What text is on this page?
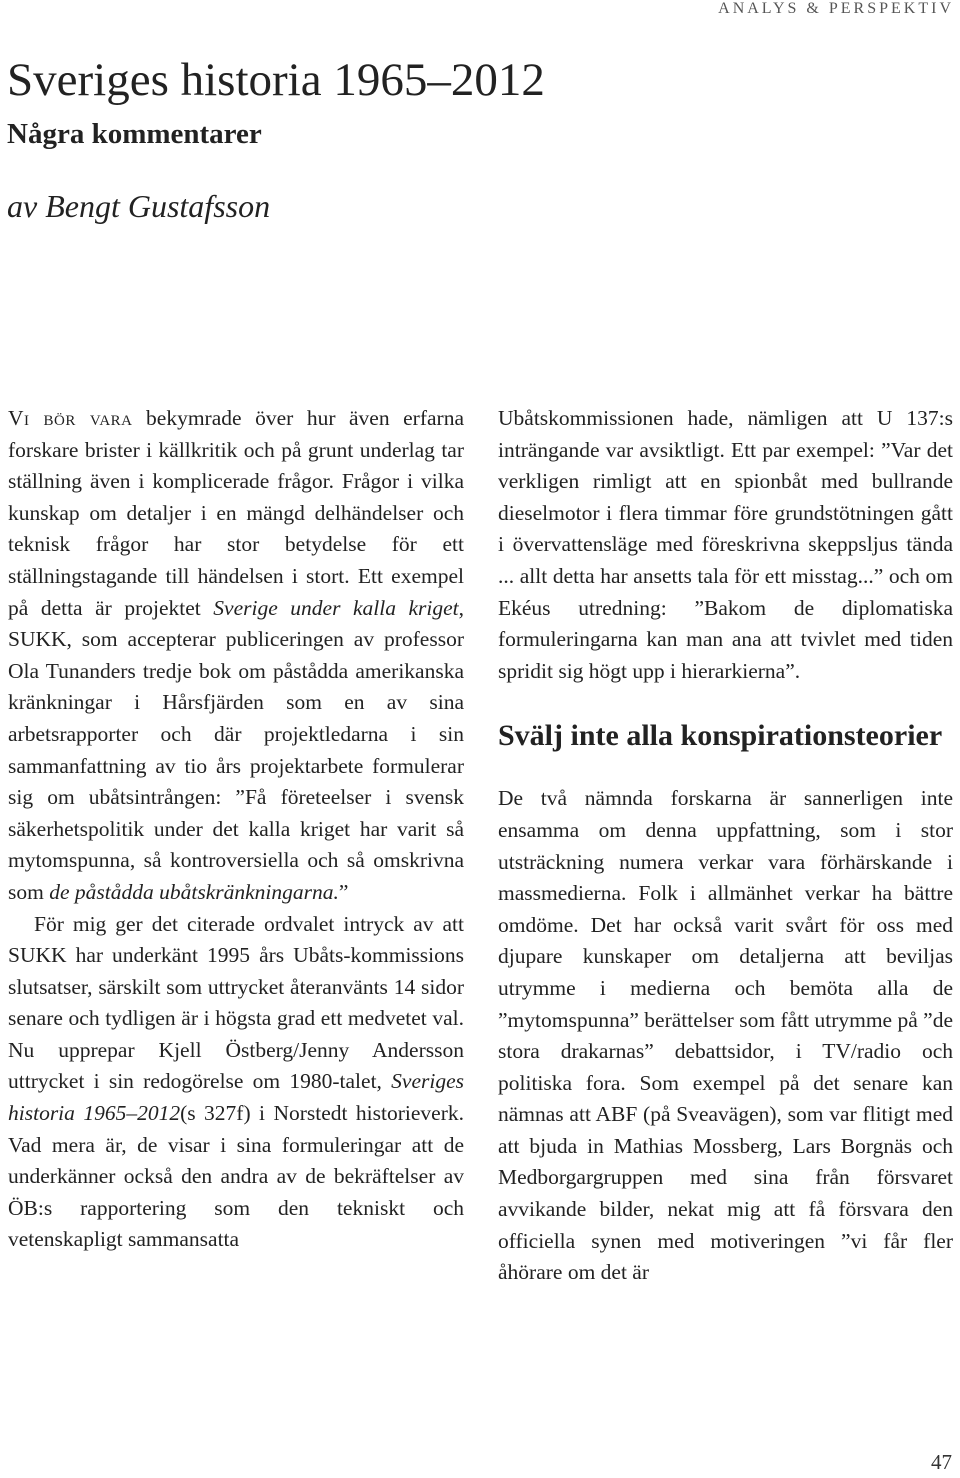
ANALYS & PERSPEKTIV

Sveriges historia 1965–2012
Några kommentarer

av Bengt Gustafsson

Vi bör vara bekymrade över hur även erfarna forskare brister i källkritik och på grunt underlag tar ställning även i komplicerade frågor. Frågor i vilka kunskap om detaljer i en mängd delhändelser och teknisk frågor har stor betydelse för ett ställningstagande till händelsen i stort. Ett exempel på detta är projektet Sverige under kalla kriget, SUKK, som accepterar publiceringen av professor Ola Tunanders tredje bok om påstådda amerikanska kränkningar i Hårsfjärden som en av sina arbetsrapporter och där projektledarna i sin sammanfattning av tio års projektarbete formulerar sig om ubåtsintrången: ”Få företeelser i svensk säkerhetspolitik under det kalla kriget har varit så mytomspunna, så kontroversiella och så omskrivna som de påstådda ubåtskränkningarna.”

För mig ger det citerade ordvalet intryck av att SUKK har underkänt 1995 års Ubåts-kommissions slutsatser, särskilt som uttrycket återanvänts 14 sidor senare och tydligen är i högsta grad ett medvetet val. Nu upprepar Kjell Östberg/Jenny Andersson uttrycket i sin redogörelse om 1980-talet, Sveriges historia 1965–2012(s 327f) i Norstedt historieverk. Vad mera är, de visar i sina formuleringar att de underkänner också den andra av de bekräftelser av ÖB:s rapportering som den tekniskt och vetenskapligt sammansatta

Ubåtskommissionen hade, nämligen att U 137:s inträngande var avsiktligt. Ett par exempel: ”Var det verkligen rimligt att en spionbåt med bullrande dieselmotor i flera timmar före grundstötningen gått i övervattensläge med föreskrivna skeppsljus tända ... allt detta har ansetts tala för ett misstag...” och om Ekéus utredning: ”Bakom de diplomatiska formuleringarna kan man ana att tvivlet med tiden spridit sig högt upp i hierarkierna”.

Svälj inte alla konspirationsteorier

De två nämnda forskarna är sannerligen inte ensamma om denna uppfattning, som i stor utsträckning numera verkar vara förhärskande i massmedierna. Folk i allmänhet verkar ha bättre omdöme. Det har också varit svårt för oss med djupare kunskaper om detaljerna att beviljas utrymme i medierna och bemöta alla de ”mytomspunna” berättelser som fått utrymme på ”de stora drakarnas” debattsidor, i TV/radio och politiska fora. Som exempel på det senare kan nämnas att ABF (på Sveavägen), som var flitigt med att bjuda in Mathias Mossberg, Lars Borgnäs och Medborgargruppen med sina från försvaret avvikande bilder, nekat mig att få försvara den officiella synen med motiveringen ”vi får fler åhörare om det är

47
